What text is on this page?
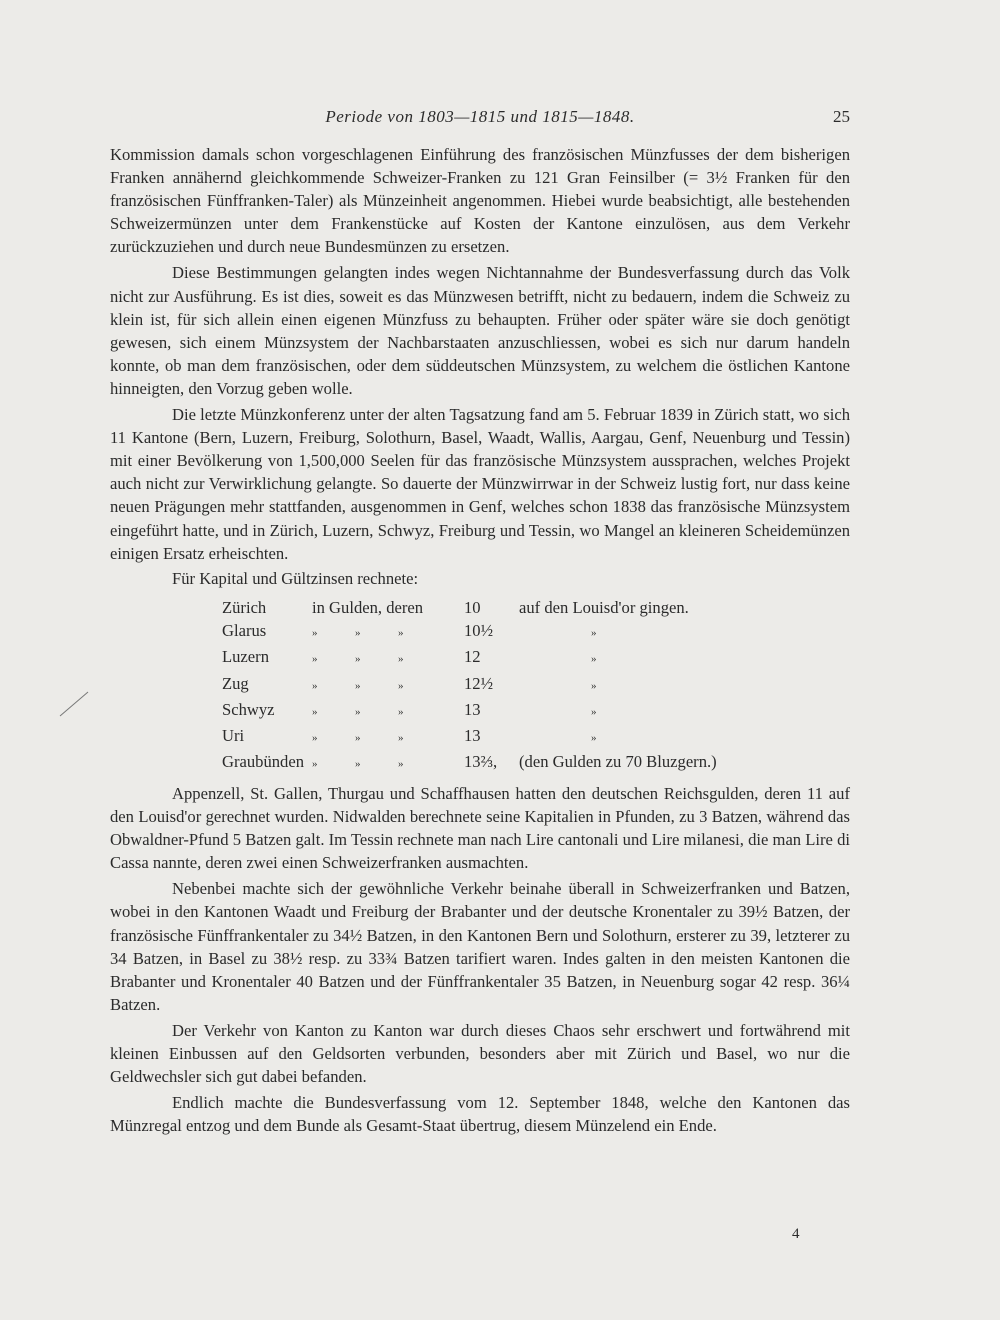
Periode von 1803—1815 und 1815—1848.	25

Kommission damals schon vorgeschlagenen Einführung des französischen Münzfusses der dem bisherigen Franken annähernd gleichkommende Schweizer-Franken zu 121 Gran Feinsilber (= 3½ Franken für den französischen Fünffranken-Taler) als Münzeinheit angenommen. Hiebei wurde beabsichtigt, alle bestehenden Schweizermünzen unter dem Frankenstücke auf Kosten der Kantone einzulösen, aus dem Verkehr zurückzuziehen und durch neue Bundesmünzen zu ersetzen.

Diese Bestimmungen gelangten indes wegen Nichtannahme der Bundesverfassung durch das Volk nicht zur Ausführung. Es ist dies, soweit es das Münzwesen betrifft, nicht zu bedauern, indem die Schweiz zu klein ist, für sich allein einen eigenen Münzfuss zu behaupten. Früher oder später wäre sie doch genötigt gewesen, sich einem Münzsystem der Nachbarstaaten anzuschliessen, wobei es sich nur darum handeln konnte, ob man dem französischen, oder dem süddeutschen Münzsystem, zu welchem die östlichen Kantone hinneigten, den Vorzug geben wolle.

Die letzte Münzkonferenz unter der alten Tagsatzung fand am 5. Februar 1839 in Zürich statt, wo sich 11 Kantone (Bern, Luzern, Freiburg, Solothurn, Basel, Waadt, Wallis, Aargau, Genf, Neuenburg und Tessin) mit einer Bevölkerung von 1,500,000 Seelen für das französische Münzsystem aussprachen, welches Projekt auch nicht zur Verwirklichung gelangte. So dauerte der Münzwirrwar in der Schweiz lustig fort, nur dass keine neuen Prägungen mehr stattfanden, ausgenommen in Genf, welches schon 1838 das französische Münzsystem eingeführt hatte, und in Zürich, Luzern, Schwyz, Freiburg und Tessin, wo Mangel an kleineren Scheidemünzen einigen Ersatz erheischten.

Für Kapital und Gültzinsen rechnete:

Zürich	in Gulden, deren	10	auf den Louisd'or gingen.
Glarus	» » »	10½	»
Luzern	» » »	12	»
Zug	» » »	12½	»
Schwyz	» » »	13	»
Uri	» » »	13	»
Graubünden	» » »	13⅔,	(den Gulden zu 70 Bluzgern.)

Appenzell, St. Gallen, Thurgau und Schaffhausen hatten den deutschen Reichsgulden, deren 11 auf den Louisd'or gerechnet wurden. Nidwalden berechnete seine Kapitalien in Pfunden, zu 3 Batzen, während das Obwaldner-Pfund 5 Batzen galt. Im Tessin rechnete man nach Lire cantonali und Lire milanesi, die man Lire di Cassa nannte, deren zwei einen Schweizerfranken ausmachten.

Nebenbei machte sich der gewöhnliche Verkehr beinahe überall in Schweizerfranken und Batzen, wobei in den Kantonen Waadt und Freiburg der Brabanter und der deutsche Kronentaler zu 39½ Batzen, der französische Fünffrankentaler zu 34½ Batzen, in den Kantonen Bern und Solothurn, ersterer zu 39, letzterer zu 34 Batzen, in Basel zu 38½ resp. zu 33¾ Batzen tarifiert waren. Indes galten in den meisten Kantonen die Brabanter und Kronentaler 40 Batzen und der Fünffrankentaler 35 Batzen, in Neuenburg sogar 42 resp. 36¼ Batzen.

Der Verkehr von Kanton zu Kanton war durch dieses Chaos sehr erschwert und fortwährend mit kleinen Einbussen auf den Geldsorten verbunden, besonders aber mit Zürich und Basel, wo nur die Geldwechsler sich gut dabei befanden.

Endlich machte die Bundesverfassung vom 12. September 1848, welche den Kantonen das Münzregal entzog und dem Bunde als Gesamt-Staat übertrug, diesem Münzelend ein Ende.

4
